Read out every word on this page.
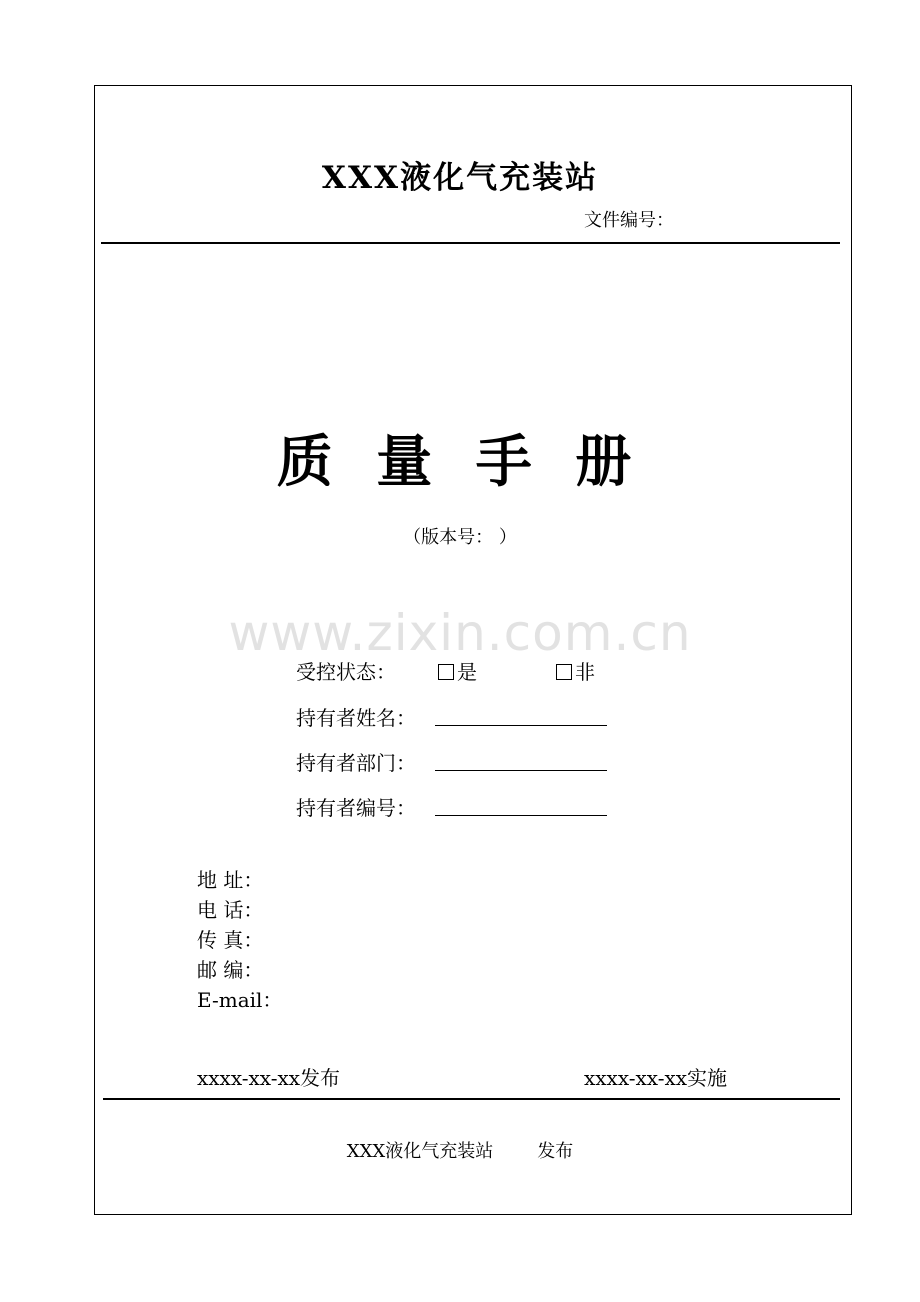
XXX液化气充装站
文件编号：
质 量 手 册
（版本号： ）
www.zixin.com.cn
受控状态：	是	非
持有者姓名：
持有者部门：
持有者编号：
地 址：
电 话：
传 真：
邮 编：
E-mail：
xxxx-xx-xx发布	xxxx-xx-xx实施
XXX液化气充装站 发布
